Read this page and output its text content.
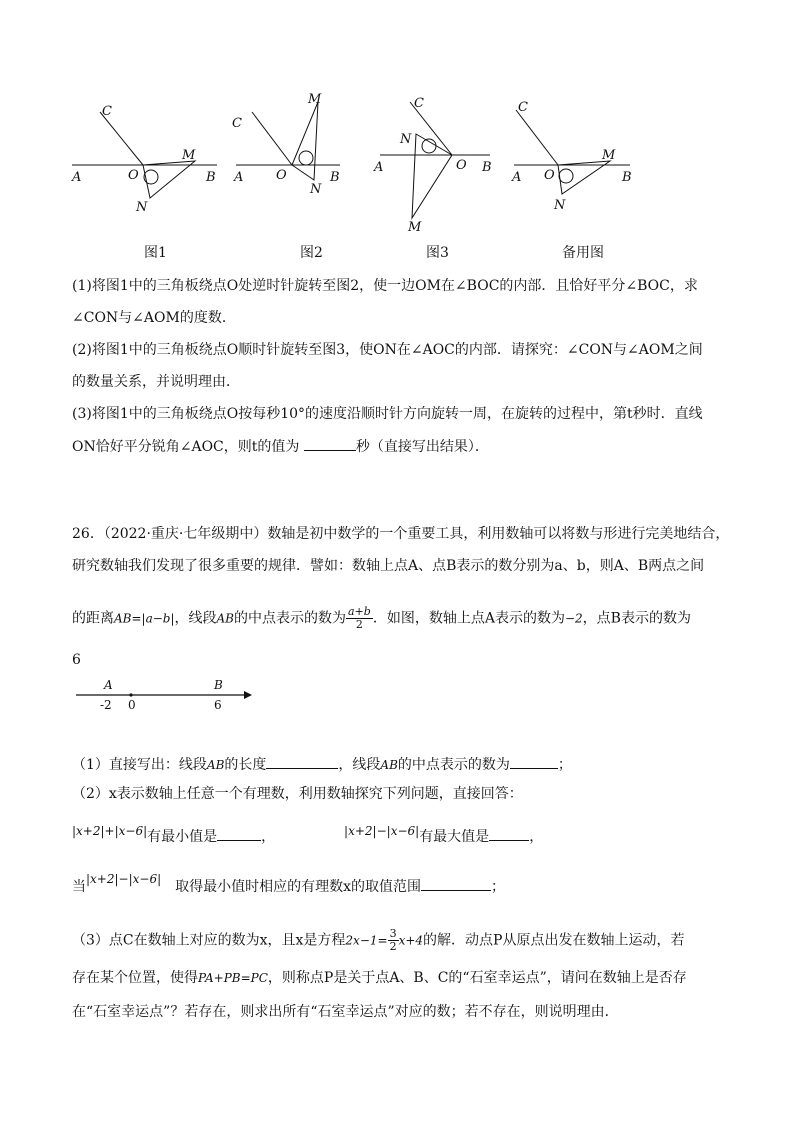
A	O	B
C
M
N
图1
A	O	B
C
M
N
图2
A	O B
C
M
N
图3
A O	B
C
M
N
备用图
(1)将图1中的三角板绕点O处逆时针旋转至图2，使一边OM在∠BOC的内部．且恰好平分∠BOC，求
∠CON与∠AOM的度数．
(2)将图1中的三角板绕点O顺时针旋转至图3，使ON在∠AOC的内部．请探究：∠CON与∠AOM之间
的数量关系，并说明理由．
(3)将图1中的三角板绕点O按每秒10°的速度沿顺时针方向旋转一周，在旋转的过程中，第t秒时．直线
ON恰好平分锐角∠AOC，则t的值为	秒（直接写出结果）．
26．（2022·重庆·七年级期中）数轴是初中数学的一个重要工具，利用数轴可以将数与形进行完美地结合，
研究数轴我们发现了很多重要的规律．譬如：数轴上点A、点B表示的数分别为a、b，则A、B两点之间
的距离AB=|a−b|，线段AB的中点表示的数为 $\frac{a+b}{2}$ ．如图，数轴上点A表示的数为−2，点B表示的数为
6
A	B
-2 0	6
（1）直接写出：线段AB的长度	，线段AB的中点表示的数为	；
（2）x表示数轴上任意一个有理数，利用数轴探究下列问题，直接回答：
|x+2|+|x−6|有最小值是	，	|x+2|−|x−6|有最大值是	，
当|x+2|−|x−6| 取得最小值时相应的有理数x的取值范围	；
（3）点C在数轴上对应的数为x，且x是方程$2x-1= \frac{3}{2} x+4$的解．动点P从原点出发在数轴上运动，若
存在某个位置，使得PA+PB=PC，则称点P是关于点A、B、C的“石室幸运点”，请问在数轴上是否存
在“石室幸运点”？若存在，则求出所有“石室幸运点”对应的数；若不存在，则说明理由．
